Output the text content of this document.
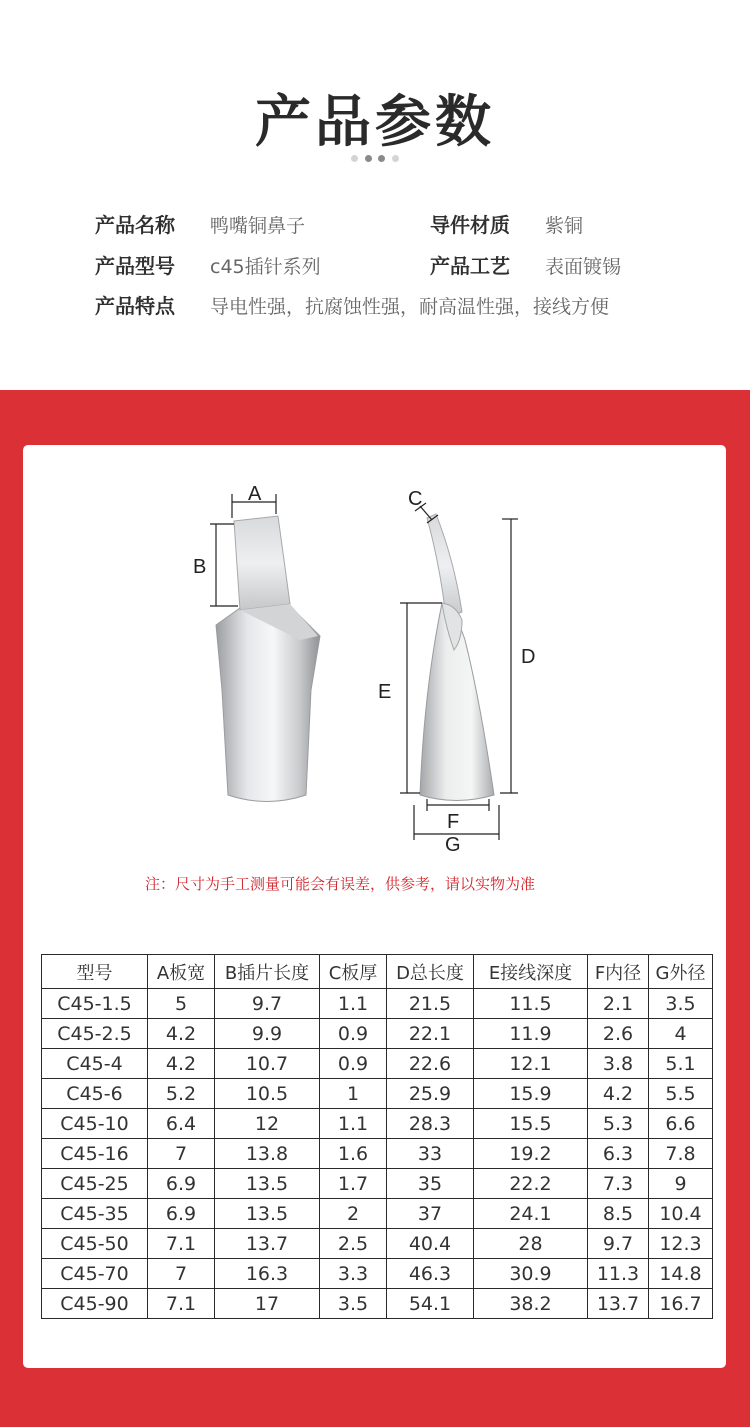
产品参数
产品名称 鸭嘴铜鼻子	导件材质 紫铜
产品型号 c45插针系列	产品工艺 表面镀锡
产品特点 导电性强，抗腐蚀性强，耐高温性强，接线方便
A
B
C
D
E
F
G
注：尺寸为手工测量可能会有误差，供参考，请以实物为准
型号	A板宽	B插片长度	C板厚	D总长度	E接线深度	F内径	G外径
C45-1.5	5	9.7	1.1	21.5	11.5	2.1	3.5
C45-2.5	4.2	9.9	0.9	22.1	11.9	2.6	4
C45-4	4.2	10.7	0.9	22.6	12.1	3.8	5.1
C45-6	5.2	10.5	1	25.9	15.9	4.2	5.5
C45-10	6.4	12	1.1	28.3	15.5	5.3	6.6
C45-16	7	13.8	1.6	33	19.2	6.3	7.8
C45-25	6.9	13.5	1.7	35	22.2	7.3	9
C45-35	6.9	13.5	2	37	24.1	8.5	10.4
C45-50	7.1	13.7	2.5	40.4	28	9.7	12.3
C45-70	7	16.3	3.3	46.3	30.9	11.3	14.8
C45-90	7.1	17	3.5	54.1	38.2	13.7	16.7
